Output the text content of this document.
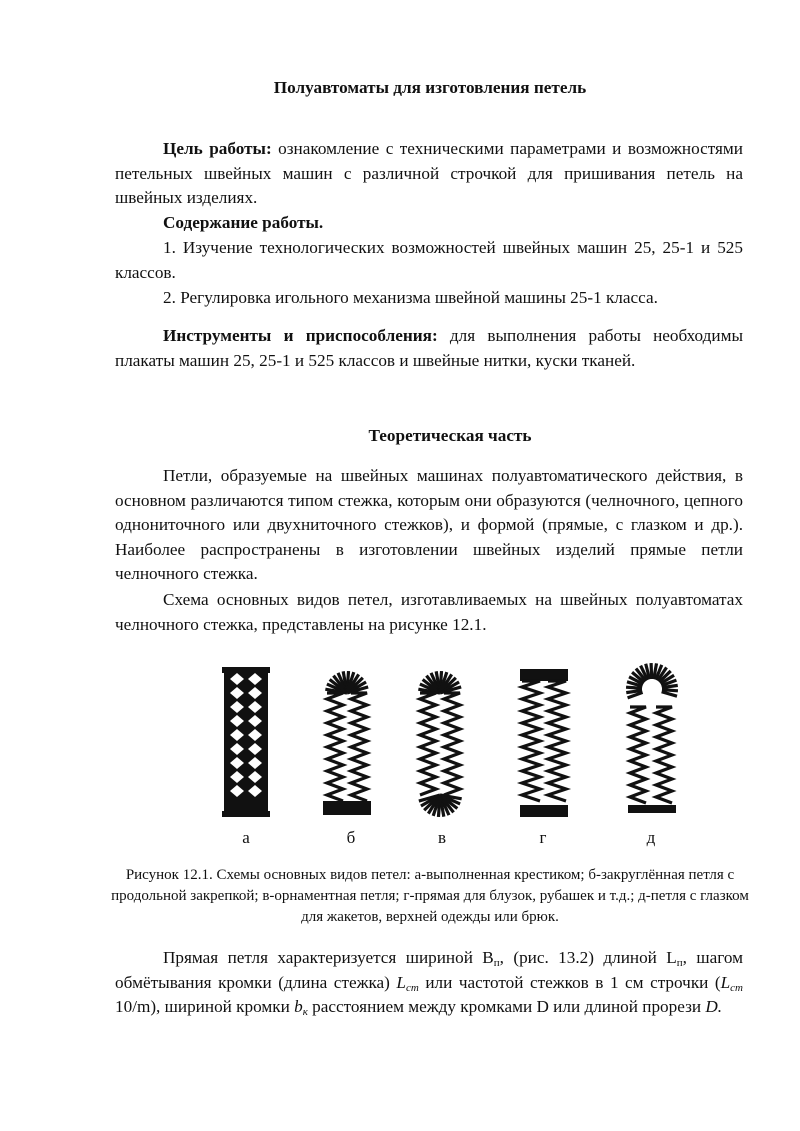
Полуавтоматы для изготовления петель
Цель работы: ознакомление с техническими параметрами и возможностями петельных швейных машин с различной строчкой для пришивания петель на швейных изделиях.
Содержание работы.
1. Изучение технологических возможностей швейных машин 25, 25-1 и 525 классов.
2. Регулировка игольного механизма швейной машины 25-1 класса.
Инструменты и приспособления: для выполнения работы необходимы плакаты машин 25, 25-1 и 525 классов и швейные нитки, куски тканей.
Теоретическая часть
Петли, образуемые на швейных машинах полуавтоматического действия, в основном различаются типом стежка, которым они образуются (челночного, цепного однониточного или двухниточного стежков), и формой (прямые, с глазком и др.). Наиболее распространены в изготовлении швейных изделий прямые петли челночного стежка.
Схема основных видов петел, изготавливаемых на швейных полуавтоматах челночного стежка, представлены на рисунке 12.1.
а	б	в	г	д
Рисунок 12.1. Схемы основных видов петел: а-выполненная крестиком; б-закруглённая петля с продольной закрепкой; в-орнаментная петля; г-прямая для блузок, рубашек и т.д.; д-петля с глазком для жакетов, верхней одежды или брюк.
Прямая петля характеризуется шириной $В_п$, (рис. 13.2) длиной $L_п$, шагом обмётывания кромки (длина стежка) $L_{ст}$ или частотой стежков в 1 см строчки ($L_{ст}$ 10/m), шириной кромки $b_к$ расстоянием между кромками D или длиной прорези D.
